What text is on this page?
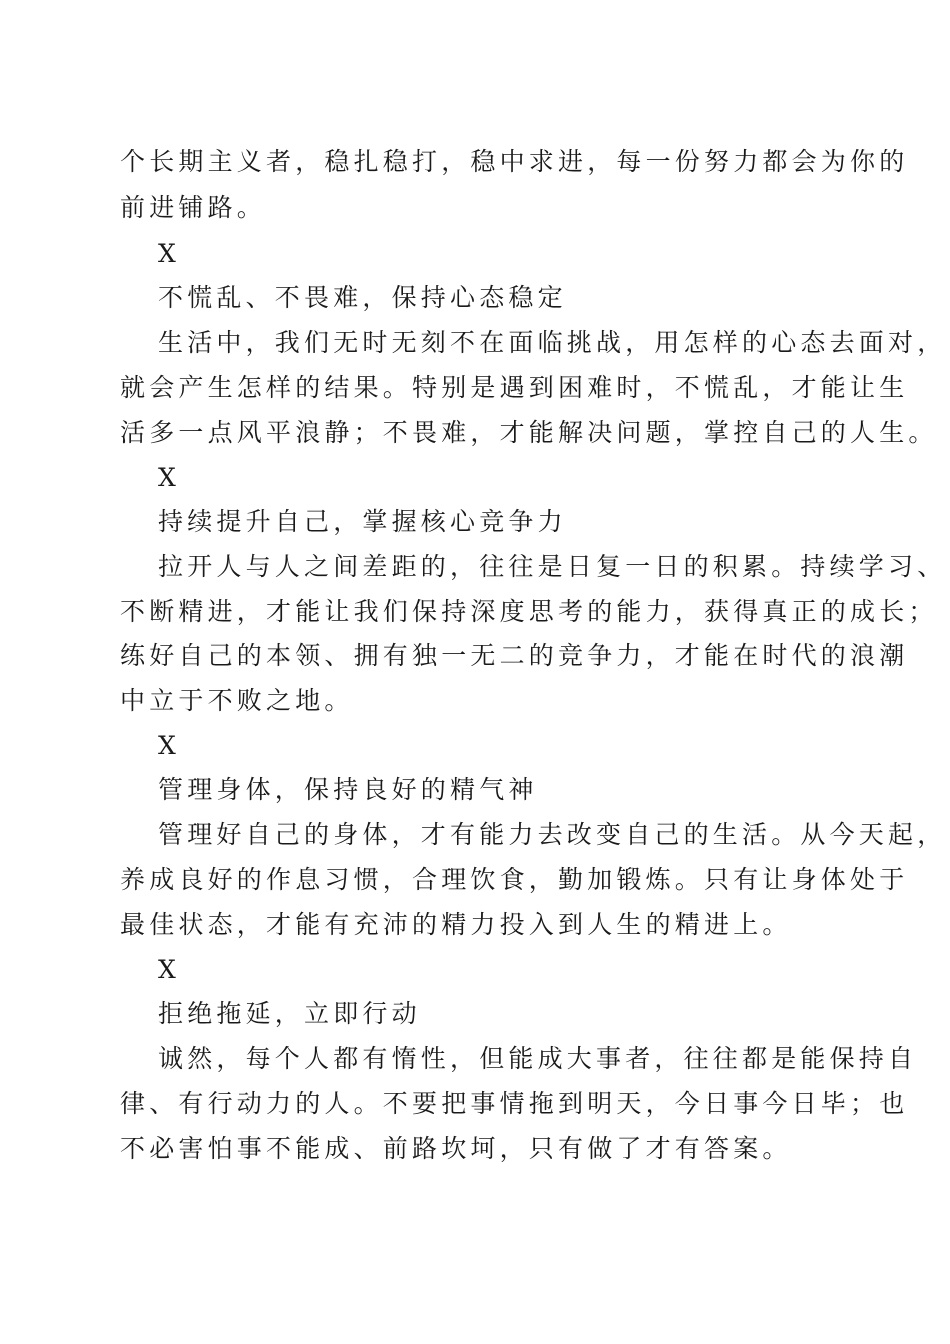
个长期主义者，稳扎稳打，稳中求进，每一份努力都会为你的
前进铺路。
X
不慌乱、不畏难，保持心态稳定
生活中，我们无时无刻不在面临挑战，用怎样的心态去面对，
就会产生怎样的结果。特别是遇到困难时，不慌乱，才能让生
活多一点风平浪静；不畏难，才能解决问题，掌控自己的人生。
X
持续提升自己，掌握核心竞争力
拉开人与人之间差距的，往往是日复一日的积累。持续学习、
不断精进，才能让我们保持深度思考的能力，获得真正的成长；
练好自己的本领、拥有独一无二的竞争力，才能在时代的浪潮
中立于不败之地。
X
管理身体，保持良好的精气神
管理好自己的身体，才有能力去改变自己的生活。从今天起，
养成良好的作息习惯，合理饮食，勤加锻炼。只有让身体处于
最佳状态，才能有充沛的精力投入到人生的精进上。
X
拒绝拖延，立即行动
诚然，每个人都有惰性，但能成大事者，往往都是能保持自
律、有行动力的人。不要把事情拖到明天，今日事今日毕；也
不必害怕事不能成、前路坎坷，只有做了才有答案。
